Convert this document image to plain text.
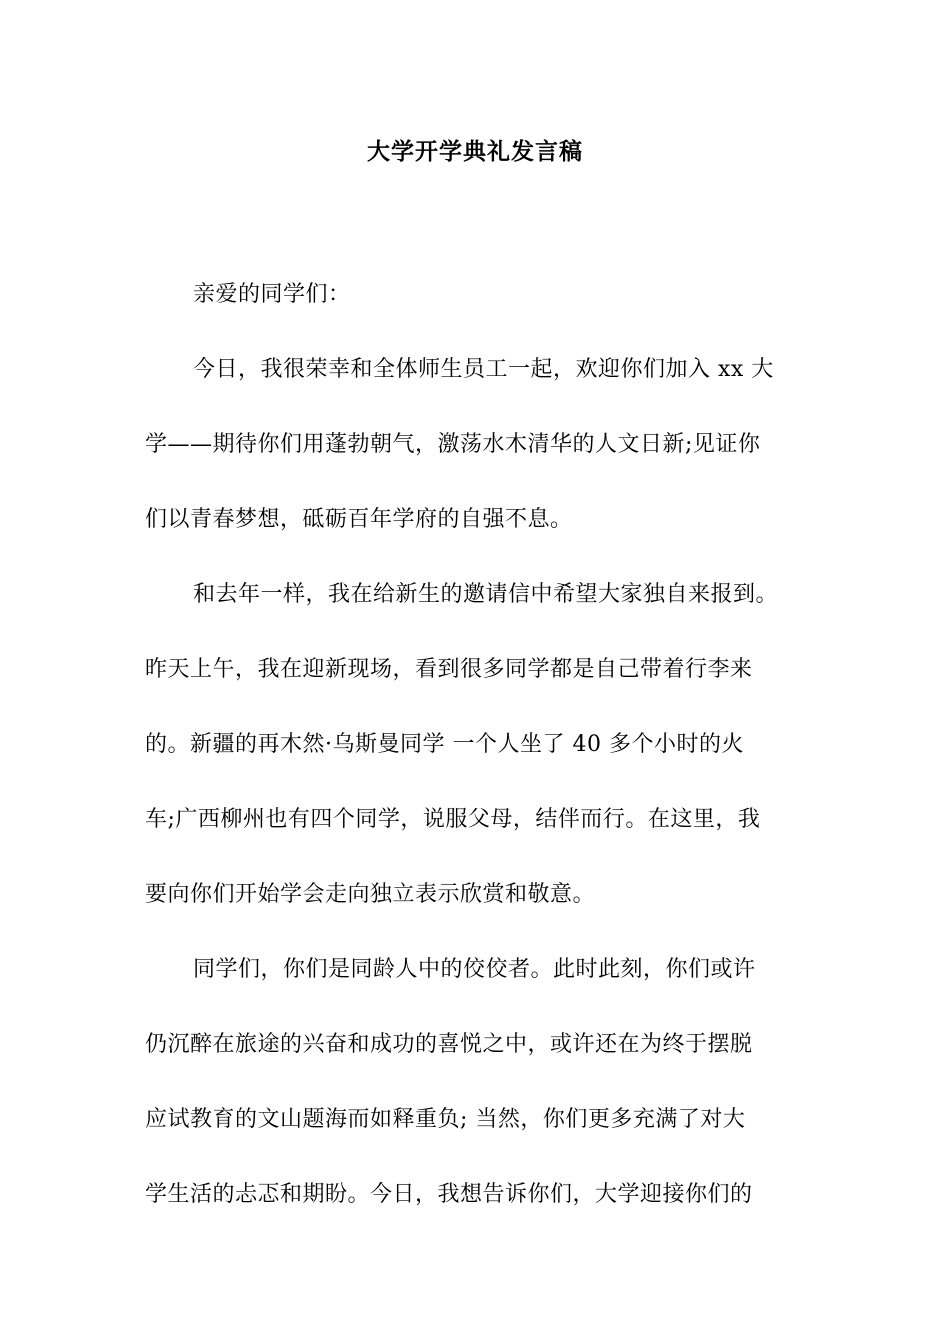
大学开学典礼发言稿
亲爱的同学们：
今日，我很荣幸和全体师生员工一起，欢迎你们加入 xx 大
学——期待你们用蓬勃朝气，激荡水木清华的人文日新;见证你
们以青春梦想，砥砺百年学府的自强不息。
和去年一样，我在给新生的邀请信中希望大家独自来报到。
昨天上午，我在迎新现场，看到很多同学都是自己带着行李来
的。新疆的再木然·乌斯曼同学 一个人坐了 40 多个小时的火
车;广西柳州也有四个同学，说服父母，结伴而行。在这里，我
要向你们开始学会走向独立表示欣赏和敬意。
同学们，你们是同龄人中的佼佼者。此时此刻，你们或许
仍沉醉在旅途的兴奋和成功的喜悦之中，或许还在为终于摆脱
应试教育的文山题海而如释重负; 当然，你们更多充满了对大
学生活的忐忑和期盼。今日，我想告诉你们，大学迎接你们的
